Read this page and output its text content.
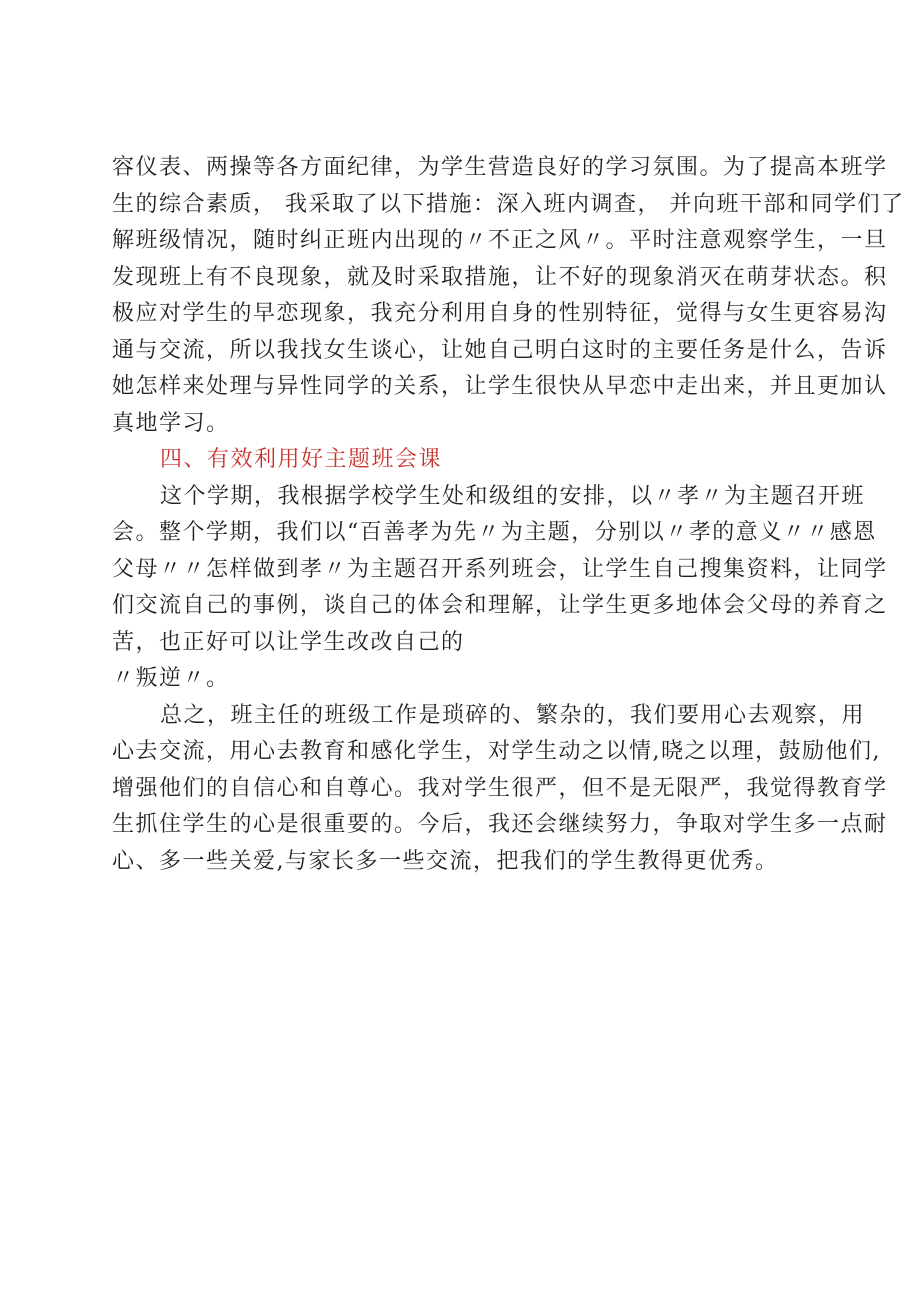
容仪表、两操等各方面纪律，为学生营造良好的学习氛围。为了提高本班学
生的综合素质， 我采取了以下措施：深入班内调查， 并向班干部和同学们了
解班级情况，随时纠正班内出现的〃不正之风〃。平时注意观察学生，一旦
发现班上有不良现象，就及时采取措施，让不好的现象消灭在萌芽状态。积
极应对学生的早恋现象，我充分利用自身的性别特征，觉得与女生更容易沟
通与交流，所以我找女生谈心，让她自己明白这时的主要任务是什么，告诉
她怎样来处理与异性同学的关系，让学生很快从早恋中走出来，并且更加认
真地学习。
四、有效利用好主题班会课
这个学期，我根据学校学生处和级组的安排，以〃孝〃为主题召开班
会。整个学期，我们以“百善孝为先〃为主题，分别以〃孝的意义〃〃感恩
父母〃〃怎样做到孝〃为主题召开系列班会，让学生自己搜集资料，让同学
们交流自己的事例，谈自己的体会和理解，让学生更多地体会父母的养育之
苦，也正好可以让学生改改自己的
〃叛逆〃。
总之，班主任的班级工作是琐碎的、繁杂的，我们要用心去观察，用
心去交流，用心去教育和感化学生，对学生动之以情,晓之以理，鼓励他们,
增强他们的自信心和自尊心。我对学生很严，但不是无限严，我觉得教育学
生抓住学生的心是很重要的。今后，我还会继续努力，争取对学生多一点耐
心、多一些关爱,与家长多一些交流，把我们的学生教得更优秀。
